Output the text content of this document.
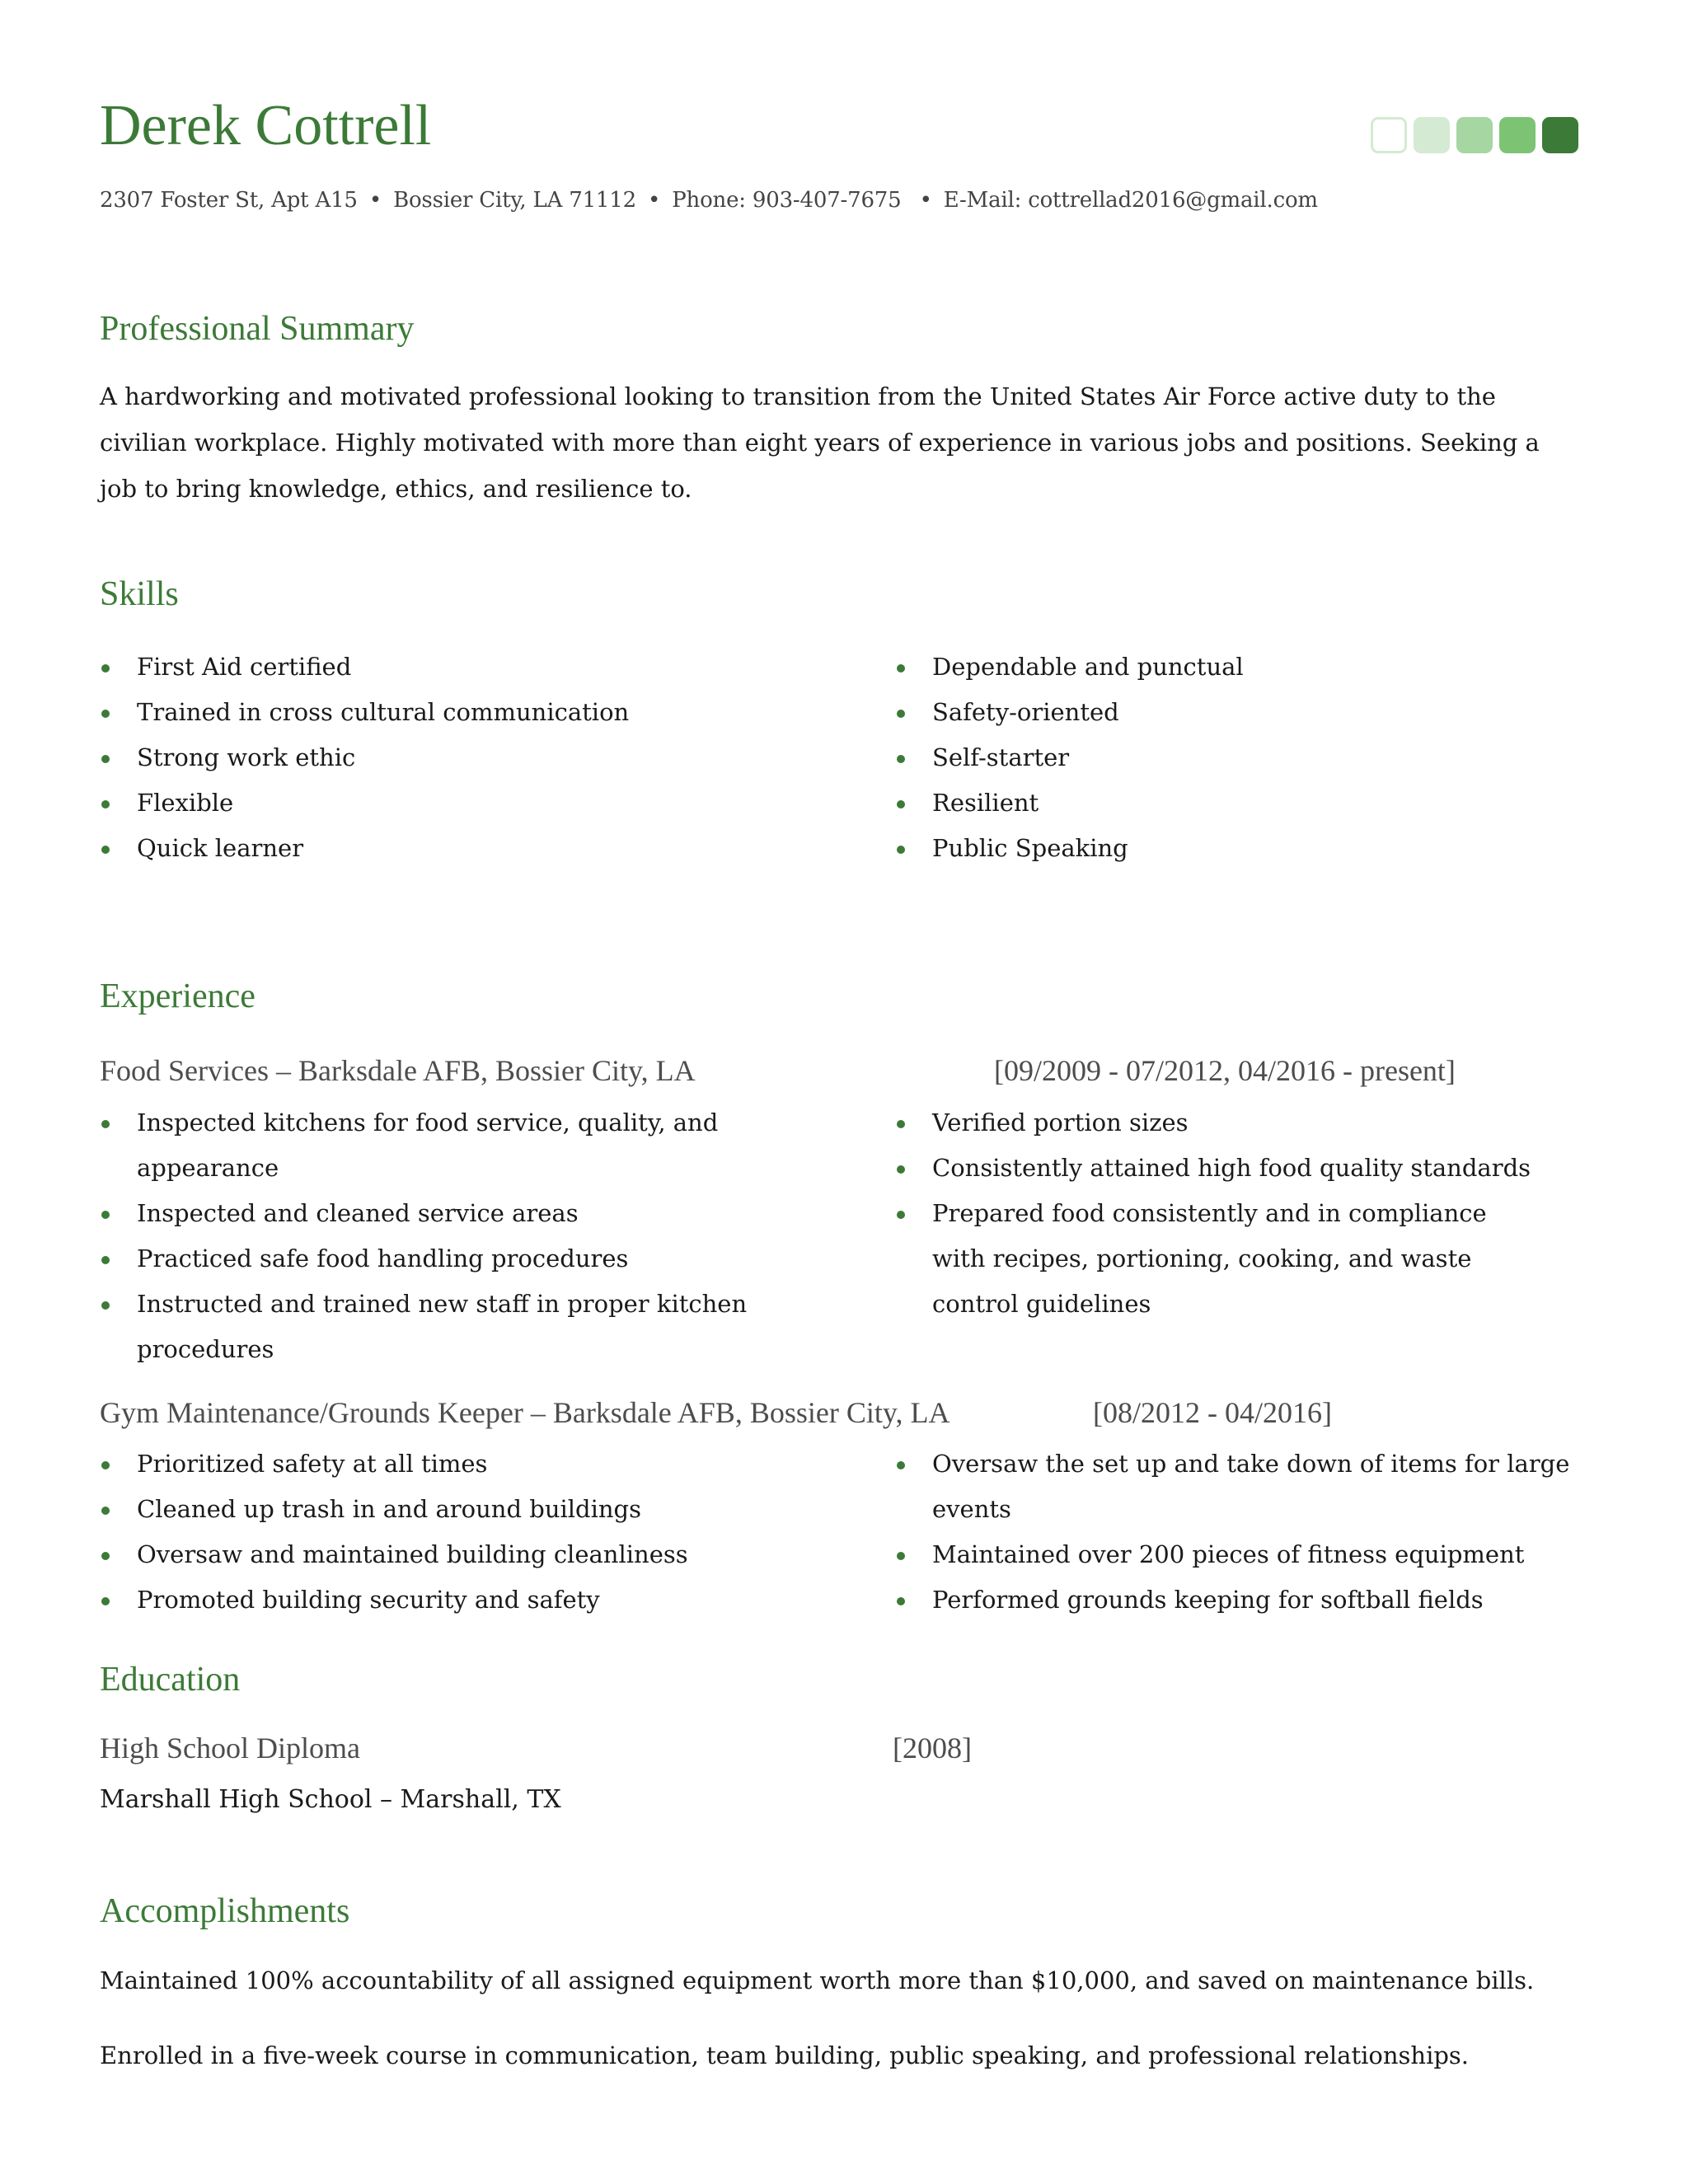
Derek Cottrell
2307 Foster St, Apt A15 • Bossier City, LA 71112 • Phone: 903-407-7675 • E-Mail: cottrellad2016@gmail.com
Professional Summary
A hardworking and motivated professional looking to transition from the United States Air Force active duty to the civilian workplace. Highly motivated with more than eight years of experience in various jobs and positions. Seeking a job to bring knowledge, ethics, and resilience to.
Skills
First Aid certified
Trained in cross cultural communication
Strong work ethic
Flexible
Quick learner
Dependable and punctual
Safety-oriented
Self-starter
Resilient
Public Speaking
Experience
Food Services – Barksdale AFB, Bossier City, LA	[09/2009 - 07/2012, 04/2016 - present]
Inspected kitchens for food service, quality, and appearance
Inspected and cleaned service areas
Practiced safe food handling procedures
Instructed and trained new staff in proper kitchen procedures
Verified portion sizes
Consistently attained high food quality standards
Prepared food consistently and in compliance with recipes, portioning, cooking, and waste control guidelines
Gym Maintenance/Grounds Keeper – Barksdale AFB, Bossier City, LA	[08/2012 - 04/2016]
Prioritized safety at all times
Cleaned up trash in and around buildings
Oversaw and maintained building cleanliness
Promoted building security and safety
Oversaw the set up and take down of items for large events
Maintained over 200 pieces of fitness equipment
Performed grounds keeping for softball fields
Education
High School Diploma	[2008]
Marshall High School – Marshall, TX
Accomplishments
Maintained 100% accountability of all assigned equipment worth more than $10,000, and saved on maintenance bills.
Enrolled in a five-week course in communication, team building, public speaking, and professional relationships.
